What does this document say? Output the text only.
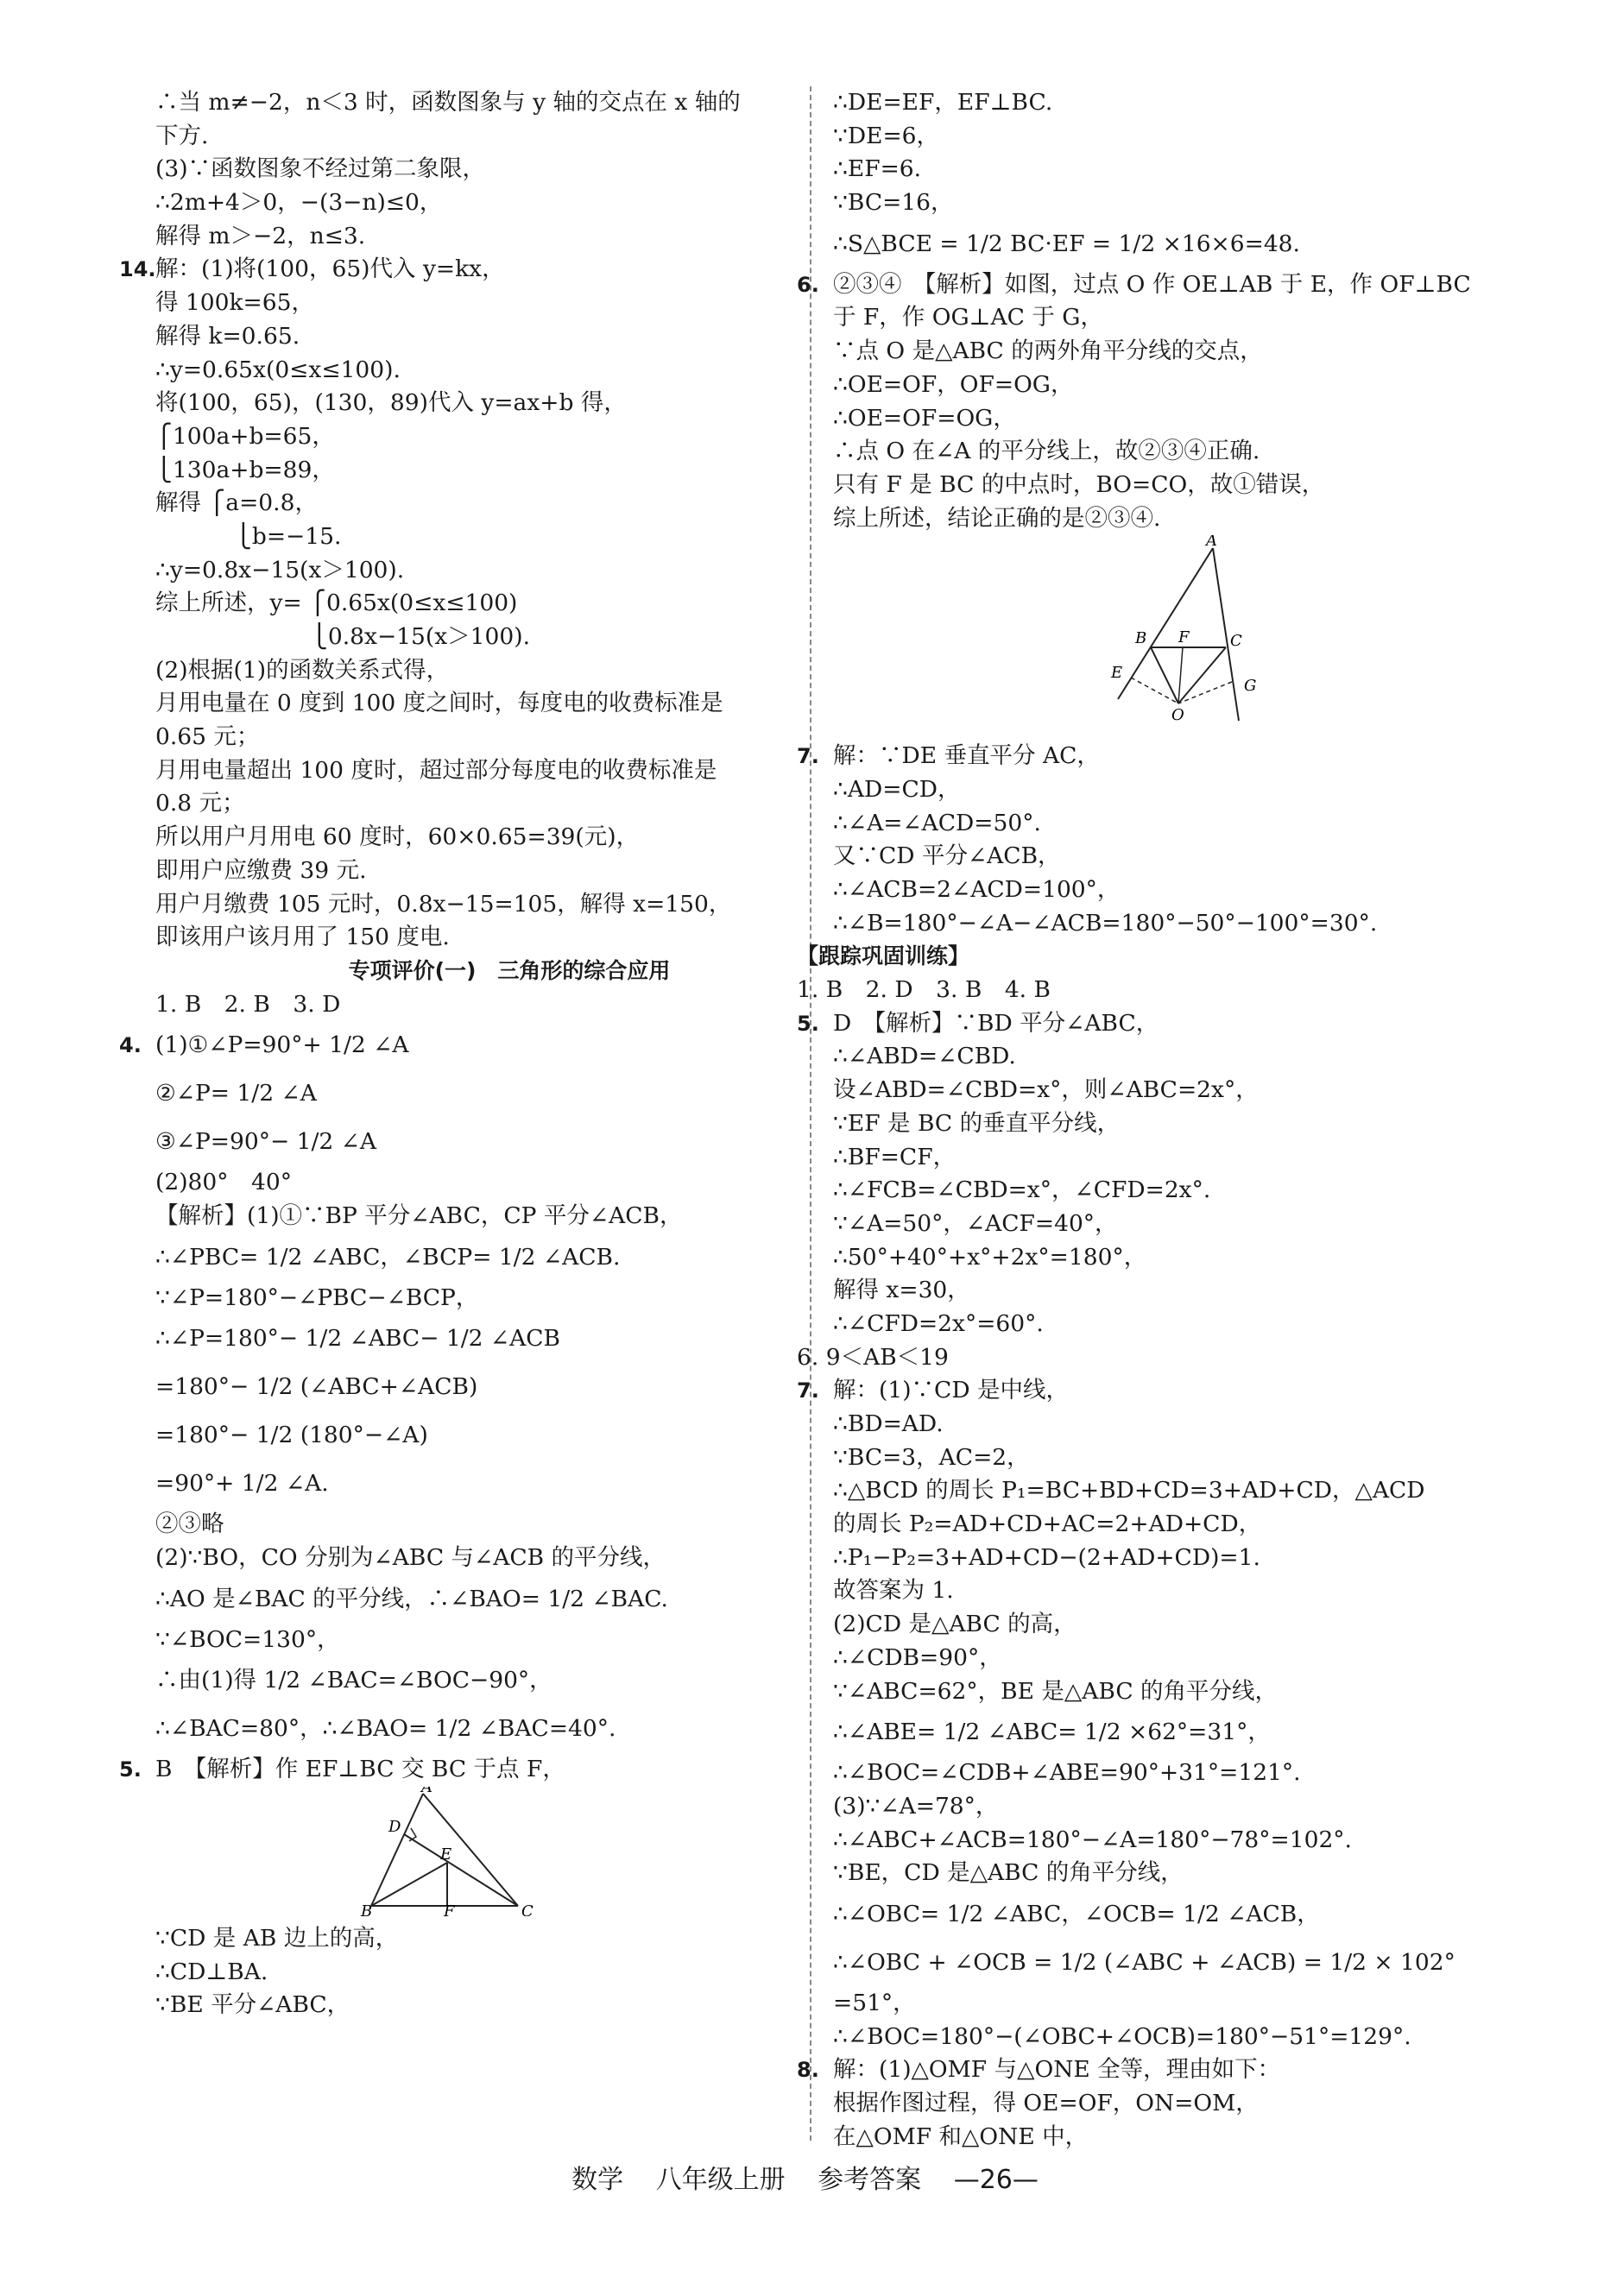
∴当 m≠−2，n＜3 时，函数图象与 y 轴的交点在 x 轴的
下方.
(3)∵函数图象不经过第二象限，
∴2m+4＞0，−(3−n)≤0，
解得 m＞−2，n≤3.
14.解：(1)将(100，65)代入 y=kx，
得 100k=65，
解得 k=0.65.
∴y=0.65x(0≤x≤100).
将(100，65)，(130，89)代入 y=ax+b 得，
⎧100a+b=65，
⎩130a+b=89，
解得 ⎧a=0.8，
⎩b=−15.
∴y=0.8x−15(x＞100).
综上所述，y= ⎧0.65x(0≤x≤100)
⎩0.8x−15(x＞100).
(2)根据(1)的函数关系式得，
月用电量在 0 度到 100 度之间时，每度电的收费标准是
0.65 元；
月用电量超出 100 度时，超过部分每度电的收费标准是
0.8 元；
所以用户月用电 60 度时，60×0.65=39(元)，
即用户应缴费 39 元.
用户月缴费 105 元时，0.8x−15=105，解得 x=150，
即该用户该月用了 150 度电.
专项评价(一)　三角形的综合应用
1. B　2. B　3. D
4. (1)①∠P=90°+ 1/2 ∠A
②∠P= 1/2 ∠A
③∠P=90°− 1/2 ∠A
(2)80°　40°
【解析】(1)①∵BP 平分∠ABC，CP 平分∠ACB，
∴∠PBC= 1/2 ∠ABC，∠BCP= 1/2 ∠ACB.
∵∠P=180°−∠PBC−∠BCP，
∴∠P=180°− 1/2 ∠ABC− 1/2 ∠ACB
=180°− 1/2 (∠ABC+∠ACB)
=180°− 1/2 (180°−∠A)
=90°+ 1/2 ∠A.
②③略
(2)∵BO，CO 分别为∠ABC 与∠ACB 的平分线，
∴AO 是∠BAC 的平分线，∴∠BAO= 1/2 ∠BAC.
∵∠BOC=130°，
∴由(1)得 1/2 ∠BAC=∠BOC−90°，
∴∠BAC=80°，∴∠BAO= 1/2 ∠BAC=40°.
5. B　【解析】作 EF⊥BC 交 BC 于点 F，
A
D
E
B	F	C
∵CD 是 AB 边上的高，
∴CD⊥BA.
∵BE 平分∠ABC，
∴DE=EF，EF⊥BC.
∵DE=6，
∴EF=6.
∵BC=16，
∴S△BCE = 1/2 BC·EF = 1/2 ×16×6=48.
6. ②③④　【解析】如图，过点 O 作 OE⊥AB 于 E，作 OF⊥BC
于 F，作 OG⊥AC 于 G，
∵点 O 是△ABC 的两外角平分线的交点，
∴OE=OF，OF=OG，
∴OE=OF=OG，
∴点 O 在∠A 的平分线上，故②③④正确.
只有 F 是 BC 的中点时，BO=CO，故①错误，
综上所述，结论正确的是②③④.
A
B F	C
E
G
O
7. 解：∵DE 垂直平分 AC，
∴AD=CD，
∴∠A=∠ACD=50°.
又∵CD 平分∠ACB，
∴∠ACB=2∠ACD=100°，
∴∠B=180°−∠A−∠ACB=180°−50°−100°=30°.
【跟踪巩固训练】
1. B　2. D　3. B　4. B
5. D　【解析】∵BD 平分∠ABC，
∴∠ABD=∠CBD.
设∠ABD=∠CBD=x°，则∠ABC=2x°，
∵EF 是 BC 的垂直平分线，
∴BF=CF，
∴∠FCB=∠CBD=x°，∠CFD=2x°.
∵∠A=50°，∠ACF=40°，
∴50°+40°+x°+2x°=180°，
解得 x=30，
∴∠CFD=2x°=60°.
6. 9＜AB＜19
7. 解：(1)∵CD 是中线，
∴BD=AD.
∵BC=3，AC=2，
∴△BCD 的周长 P₁=BC+BD+CD=3+AD+CD，△ACD
的周长 P₂=AD+CD+AC=2+AD+CD，
∴P₁−P₂=3+AD+CD−(2+AD+CD)=1.
故答案为 1.
(2)CD 是△ABC 的高，
∴∠CDB=90°，
∵∠ABC=62°，BE 是△ABC 的角平分线，
∴∠ABE= 1/2 ∠ABC= 1/2 ×62°=31°，
∴∠BOC=∠CDB+∠ABE=90°+31°=121°.
(3)∵∠A=78°，
∴∠ABC+∠ACB=180°−∠A=180°−78°=102°.
∵BE，CD 是△ABC 的角平分线，
∴∠OBC= 1/2 ∠ABC，∠OCB= 1/2 ∠ACB，
∴∠OBC + ∠OCB = 1/2 (∠ABC + ∠ACB) = 1/2 × 102°
=51°，
∴∠BOC=180°−(∠OBC+∠OCB)=180°−51°=129°.
8. 解：(1)△OMF 与△ONE 全等，理由如下：
根据作图过程，得 OE=OF，ON=OM，
在△OMF 和△ONE 中，
数学 八年级上册 参考答案 —26—
